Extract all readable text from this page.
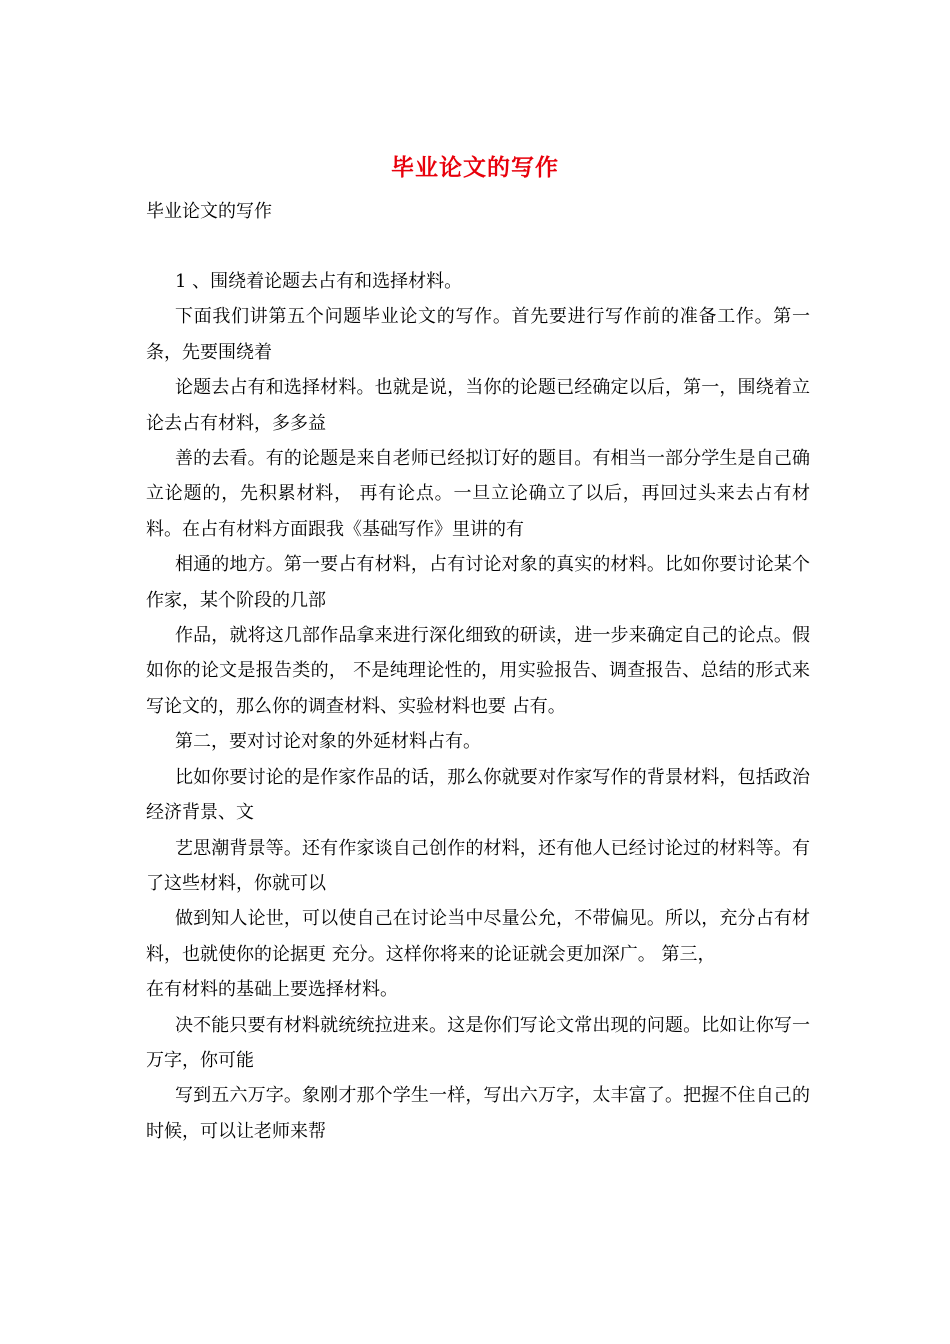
毕业论文的写作
毕业论文的写作

1 、围绕着论题去占有和选择材料。

下面我们讲第五个问题毕业论文的写作。首先要进行写作前的准备工作。第一条，先要围绕着

论题去占有和选择材料。也就是说，当你的论题已经确定以后，第一，围绕着立论去占有材料，多多益

善的去看。有的论题是来自老师已经拟订好的题目。有相当一部分学生是自己确立论题的，先积累材料， 再有论点。一旦立论确立了以后，再回过头来去占有材料。在占有材料方面跟我《基础写作》里讲的有

相通的地方。第一要占有材料，占有讨论对象的真实的材料。比如你要讨论某个作家，某个阶段的几部

作品，就将这几部作品拿来进行深化细致的研读，进一步来确定自己的论点。假如你的论文是报告类的， 不是纯理论性的，用实验报告、调查报告、总结的形式来写论文的，那么你的调查材料、实验材料也要 占有。

第二，要对讨论对象的外延材料占有。

比如你要讨论的是作家作品的话，那么你就要对作家写作的背景材料，包括政治经济背景、文

艺思潮背景等。还有作家谈自己创作的材料，还有他人已经讨论过的材料等。有了这些材料，你就可以

做到知人论世，可以使自己在讨论当中尽量公允，不带偏见。所以，充分占有材料，也就使你的论据更 充分。这样你将来的论证就会更加深广。 第三，

在有材料的基础上要选择材料。

决不能只要有材料就统统拉进来。这是你们写论文常出现的问题。比如让你写一万字，你可能

写到五六万字。象刚才那个学生一样，写出六万字，太丰富了。把握不住自己的时候，可以让老师来帮
